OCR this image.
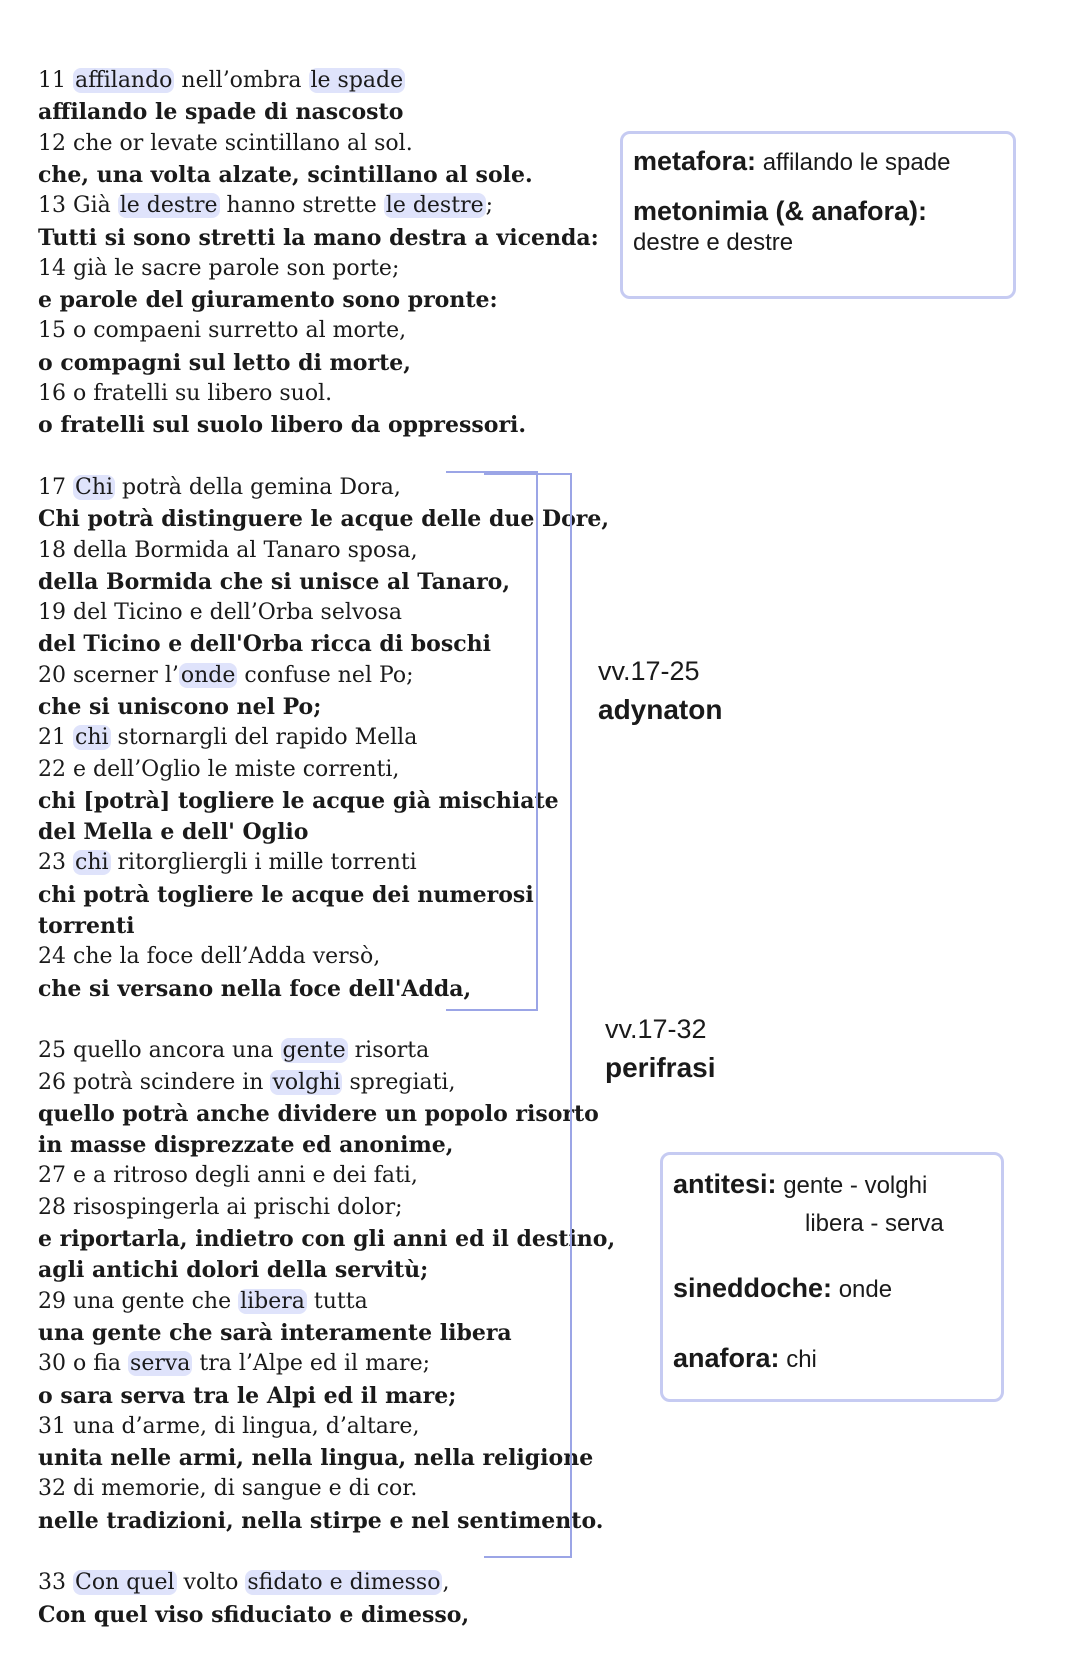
11 affilando nell’ombra le spade
affilando le spade di nascosto
12 che or levate scintillano al sol.
che, una volta alzate, scintillano al sole.
13 Già le destre hanno strette le destre;
Tutti si sono stretti la mano destra a vicenda:
14 già le sacre parole son porte;
e parole del giuramento sono pronte:
15 o compaeni surretto al morte,
o compagni sul letto di morte,
16 o fratelli su libero suol.
o fratelli sul suolo libero da oppressori.
17 Chi potrà della gemina Dora,
Chi potrà distinguere le acque delle due Dore,
18 della Bormida al Tanaro sposa,
della Bormida che si unisce al Tanaro,
19 del Ticino e dell’Orba selvosa
del Ticino e dell'Orba ricca di boschi
20 scerner l’onde confuse nel Po;
che si uniscono nel Po;
21 chi stornargli del rapido Mella
22 e dell’Oglio le miste correnti,
chi [potrà] togliere le acque già mischiate
del Mella e dell' Oglio
23 chi ritorgliergli i mille torrenti
chi potrà togliere le acque dei numerosi
torrenti
24 che la foce dell’Adda versò,
che si versano nella foce dell'Adda,
25 quello ancora una gente risorta
26 potrà scindere in volghi spregiati,
quello potrà anche dividere un popolo risorto
in masse disprezzate ed anonime,
27 e a ritroso degli anni e dei fati,
28 risospingerla ai prischi dolor;
e riportarla, indietro con gli anni ed il destino,
agli antichi dolori della servitù;
29 una gente che libera tutta
una gente che sarà interamente libera
30 o fia serva tra l’Alpe ed il mare;
o sara serva tra le Alpi ed il mare;
31 una d’arme, di lingua, d’altare,
unita nelle armi, nella lingua, nella religione
32 di memorie, di sangue e di cor.
nelle tradizioni, nella stirpe e nel sentimento.
33 Con quel volto sfidato e dimesso,
Con quel viso sfiduciato e dimesso,
metafora: affilando le spade
metonimia (& anafora):
destre e destre
vv.17-25
adynaton
vv.17-32
perifrasi
antitesi: gente - volghi
libera - serva
sineddoche: onde
anafora: chi
